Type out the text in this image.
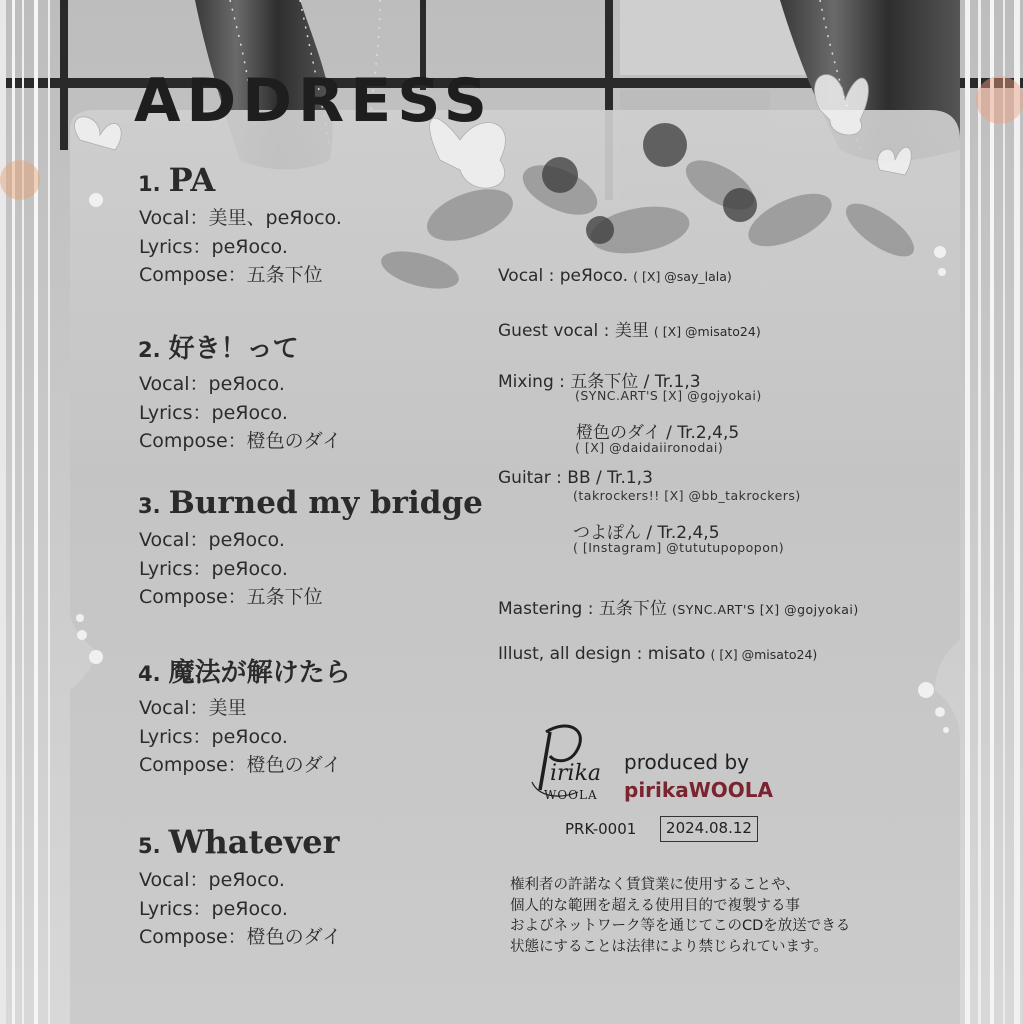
ADDRESS
1. PA
Vocal：美里、peЯoco.
Lyrics：peЯoco.
Compose：五条下位
2. 好き！って
Vocal：peЯoco.
Lyrics：peЯoco.
Compose：橙色のダイ
3. Burned my bridge
Vocal：peЯoco.
Lyrics：peЯoco.
Compose：五条下位
4. 魔法が解けたら
Vocal：美里
Lyrics：peЯoco.
Compose：橙色のダイ
5. Whatever
Vocal：peЯoco.
Lyrics：peЯoco.
Compose：橙色のダイ
Vocal : peЯoco. ( [X] @say_lala)
Guest vocal : 美里 ( [X] @misato24)
Mixing : 五条下位 / Tr.1,3
(SYNC.ART'S [X] @gojyokai)
橙色のダイ / Tr.2,4,5
( [X] @daidaiironodai)
Guitar : BB / Tr.1,3
(takrockers!! [X] @bb_takrockers)
つよぽん / Tr.2,4,5
( [Instagram] @tututupopopon)
Mastering : 五条下位 (SYNC.ART'S [X] @gojyokai)
Illust, all design : misato ( [X] @misato24)
irika
WOOLA
produced by
pirikaWOOLA
PRK-0001	2024.08.12
権利者の許諾なく賃貸業に使用することや、
個人的な範囲を超える使用目的で複製する事
およびネットワーク等を通じてこのCDを放送できる
状態にすることは法律により禁じられています。
